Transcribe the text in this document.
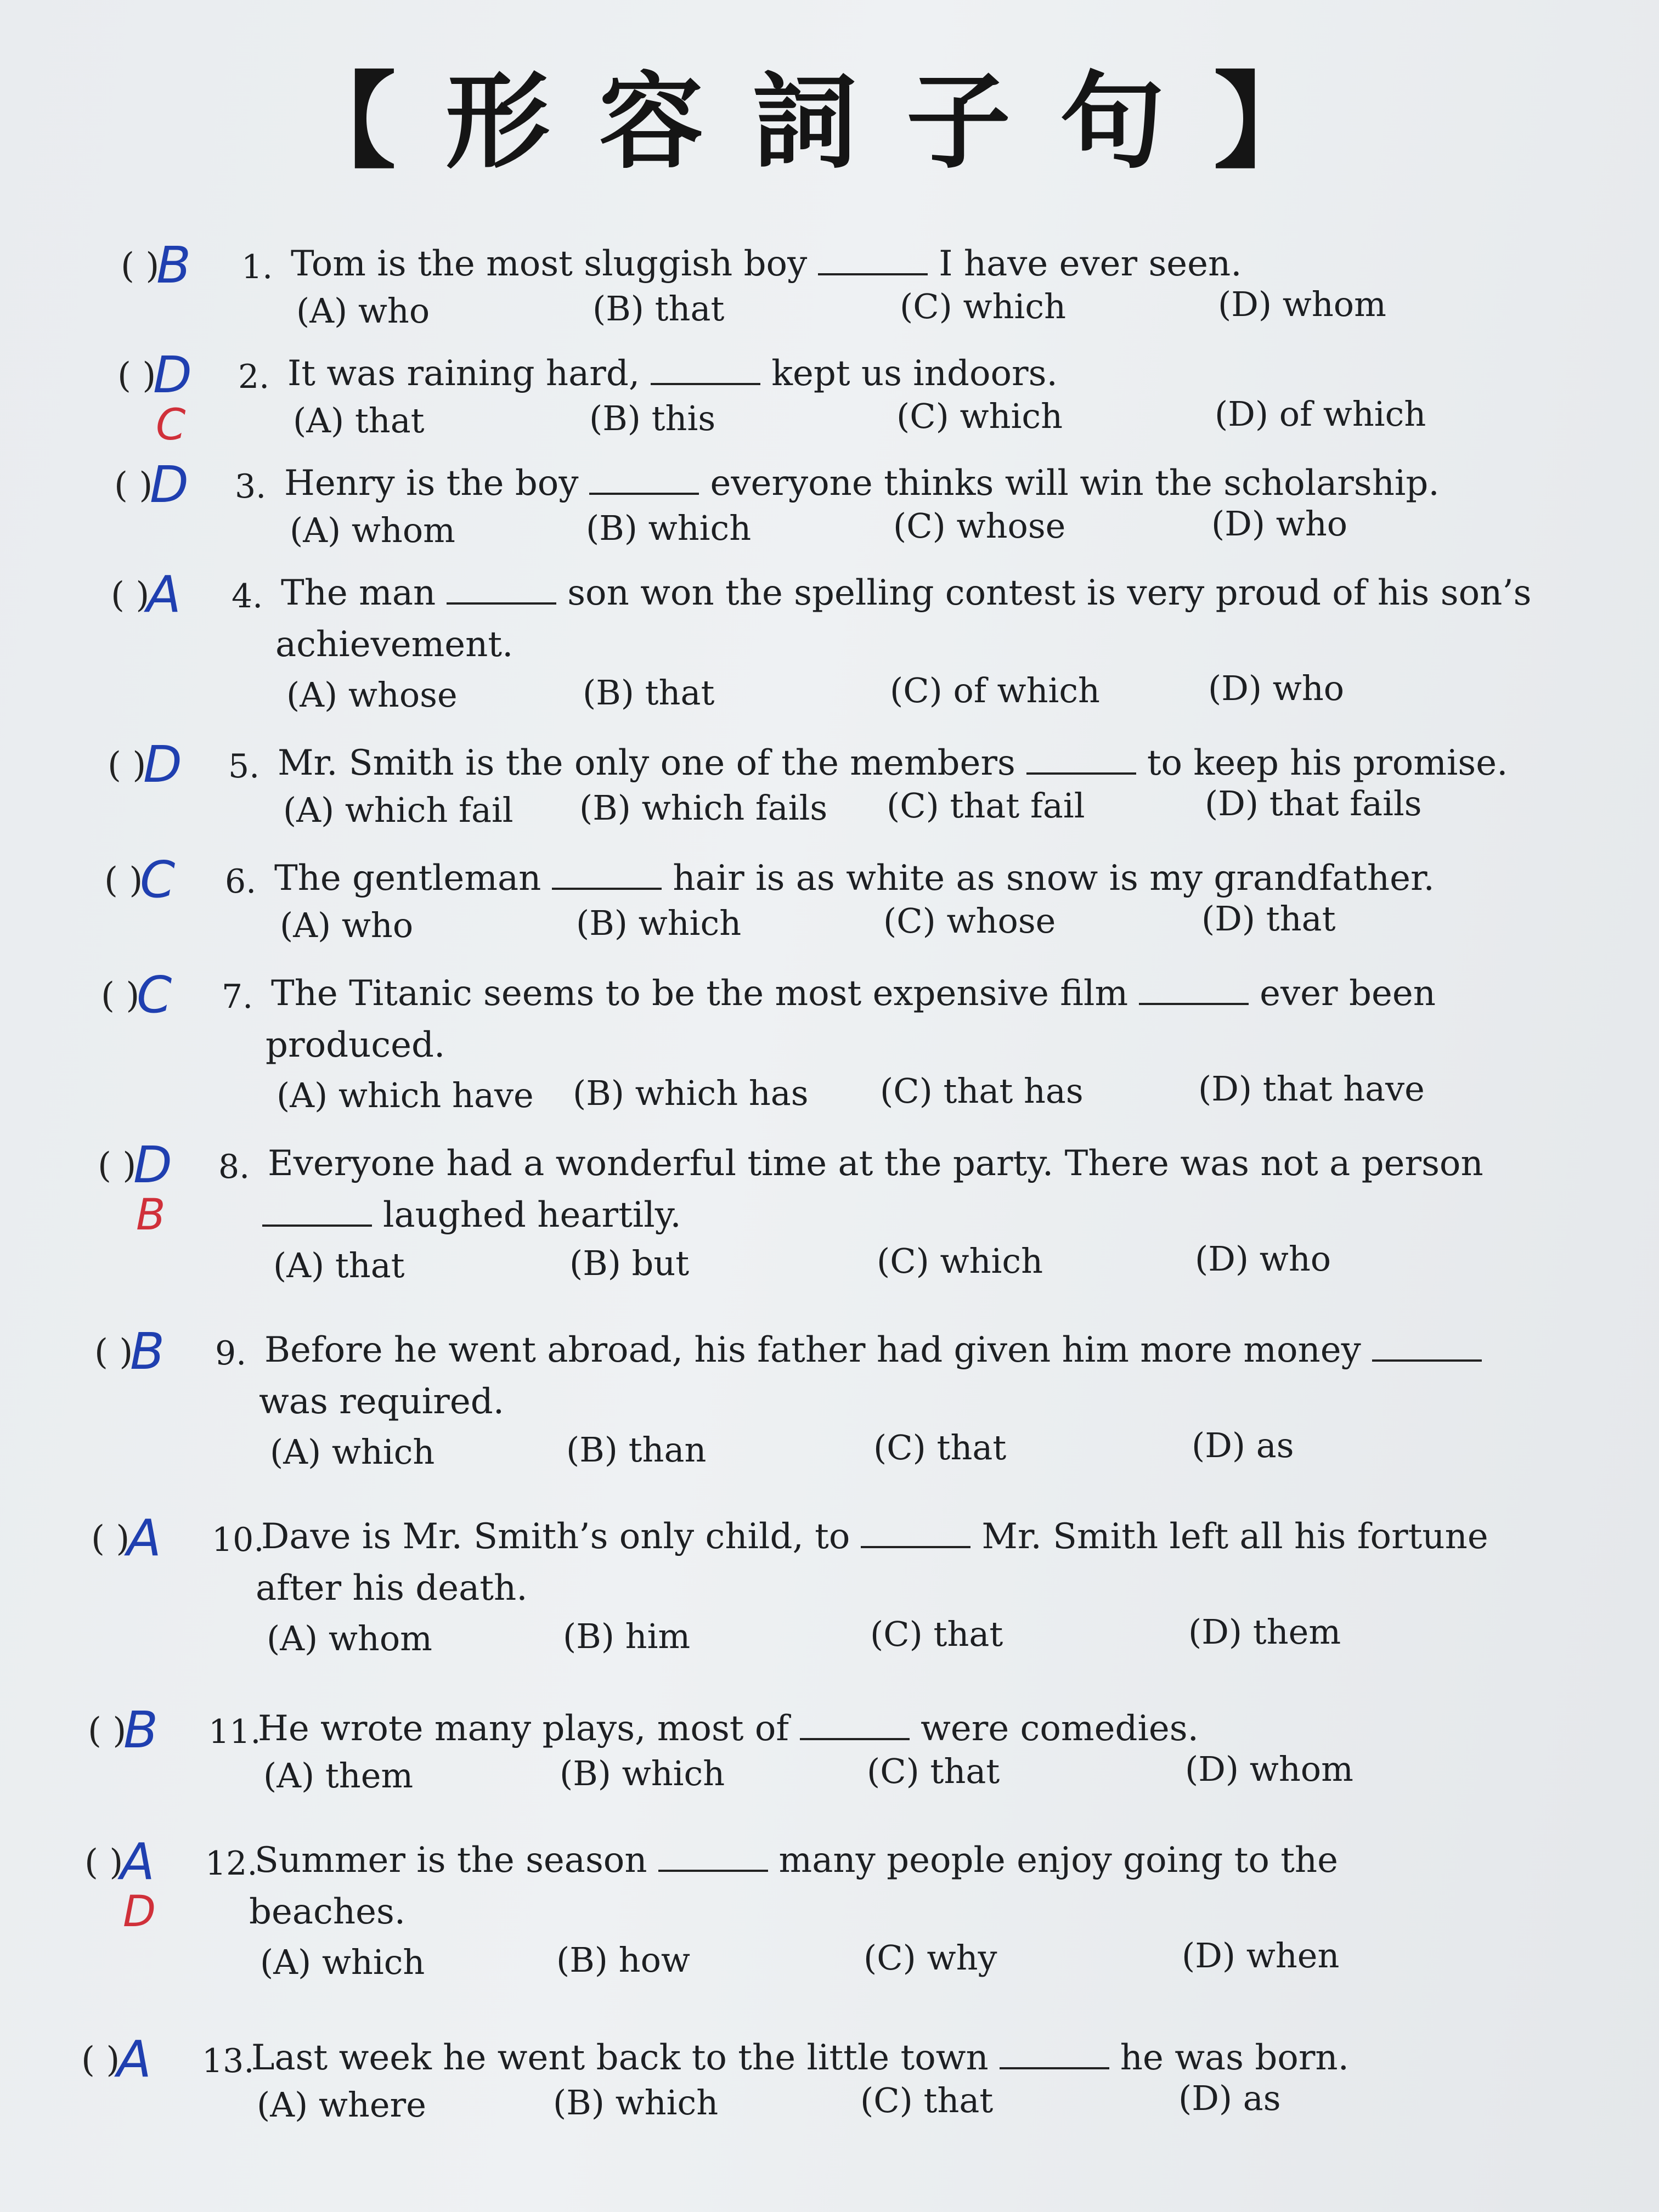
【形容詞子句】
( )
B 1. Tom is the most sluggish boy	I have ever seen.
(A) who	(B) that	(C) which	(D) whom
( )
D
C
2. It was raining hard,	kept us indoors.
(A) that	(B) this	(C) which	(D) of which
( )
D 3. Henry is the boy	everyone thinks will win the scholarship.
(A) whom	(B) which	(C) whose	(D) who
( )
A 4. The man	son won the spelling contest is very proud of his son’s
achievement.
(A) whose	(B) that	(C) of which	(D) who
( )
D 5. Mr. Smith is the only one of the members	to keep his promise.
(A) which fail (B) which fails (C) that fail	(D) that fails
( )
C 6. The gentleman	hair is as white as snow is my grandfather.
(A) who	(B) which	(C) whose	(D) that
( )
C 7. The Titanic seems to be the most expensive film	ever been
produced.
(A) which have (B) which has (C) that has	(D) that have
( )
D
B
8. Everyone had a wonderful time at the party. There was not a person
laughed heartily.
(A) that	(B) but	(C) which	(D) who
( )
B 9. Before he went abroad, his father had given him more money
was required.
(A) which	(B) than	(C) that	(D) as
( )
A 10.
Dave is Mr. Smith’s only child, to	Mr. Smith left all his fortune
after his death.
(A) whom	(B) him	(C) that	(D) them
( )
B 11.
He wrote many plays, most of	were comedies.
(A) them	(B) which	(C) that	(D) whom
( )
A
D
12.
Summer is the season	many people enjoy going to the
beaches.
(A) which	(B) how	(C) why	(D) when
( )
A 13.
Last week he went back to the little town	he was born.
(A) where	(B) which	(C) that	(D) as
